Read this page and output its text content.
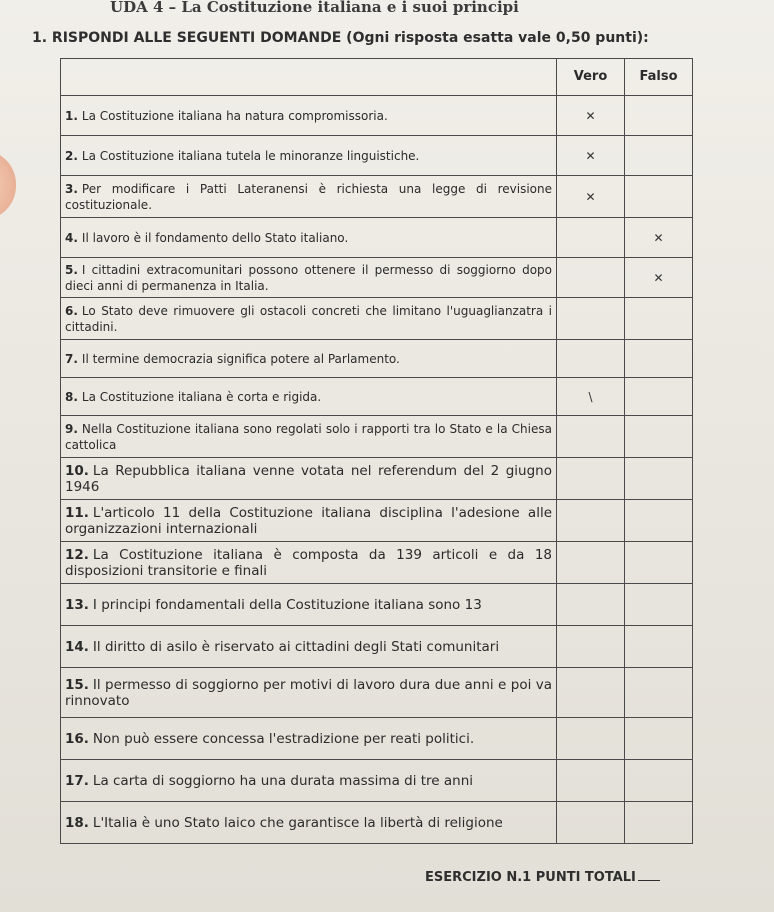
UDA 4 – La Costituzione italiana e i suoi principi
1. RISPONDI ALLE SEGUENTI DOMANDE (Ogni risposta esatta vale 0,50 punti):
	Vero	Falso
1. La Costituzione italiana ha natura compromissoria.	✕	
2. La Costituzione italiana tutela le minoranze linguistiche.	✕	
3. Per modificare i Patti Lateranensi è richiesta una legge di revisione costituzionale.	✕	
4. Il lavoro è il fondamento dello Stato italiano.		✕
5. I cittadini extracomunitari possono ottenere il permesso di soggiorno dopo dieci anni di permanenza in Italia.		✕
6. Lo Stato deve rimuovere gli ostacoli concreti che limitano l'uguaglianzatra i cittadini.		
7. Il termine democrazia significa potere al Parlamento.		
8. La Costituzione italiana è corta e rigida.	\	
9. Nella Costituzione italiana sono regolati solo i rapporti tra lo Stato e la Chiesa cattolica		
10. La Repubblica italiana venne votata nel referendum del 2 giugno 1946		
11. L'articolo 11 della Costituzione italiana disciplina l'adesione alle organizzazioni internazionali		
12. La Costituzione italiana è composta da 139 articoli e da 18 disposizioni transitorie e finali		
13. I principi fondamentali della Costituzione italiana sono 13		
14. Il diritto di asilo è riservato ai cittadini degli Stati comunitari		
15. Il permesso di soggiorno per motivi di lavoro dura due anni e poi va rinnovato		
16. Non può essere concessa l'estradizione per reati politici.		
17. La carta di soggiorno ha una durata massima di tre anni		
18. L'Italia è uno Stato laico che garantisce la libertà di religione		
ESERCIZIO N.1 PUNTI TOTALI
